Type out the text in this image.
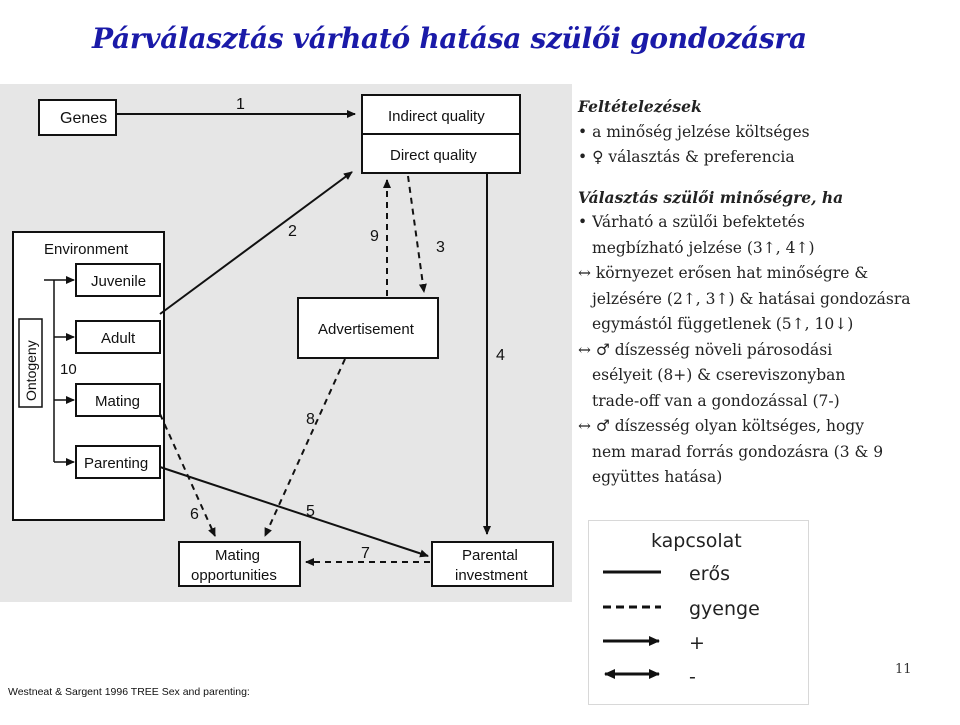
Párválasztás várható hatása szülői gondozásra
Genes	Indirect quality
Direct quality
1
Environment
Ontogeny
Juvenile
Adult
Mating
Parenting
10
Advertisement
2	9
3
4
Mating
opportunities
Parental
investment
8
6	5
7
Feltételezések
• a minőség jelzése költséges
• ♀ választás & preferencia
Választás szülői minőségre, ha
• Várható a szülői befektetés
megbízható jelzése (3↑, 4↑)
↔ környezet erősen hat minőségre &
jelzésére (2↑, 3↑) & hatásai gondozásra
egymástól függetlenek (5↑, 10↓)
↔ ♂ díszesség növeli párosodási
esélyeit (8+) & csereviszonyban
trade-off van a gondozással (7-)
↔ ♂ díszesség olyan költséges, hogy
nem marad forrás gondozásra (3 & 9
együttes hatása)
kapcsolat
erős
gyenge
+
-
Westneat & Sargent 1996 TREE Sex and parenting:
11
